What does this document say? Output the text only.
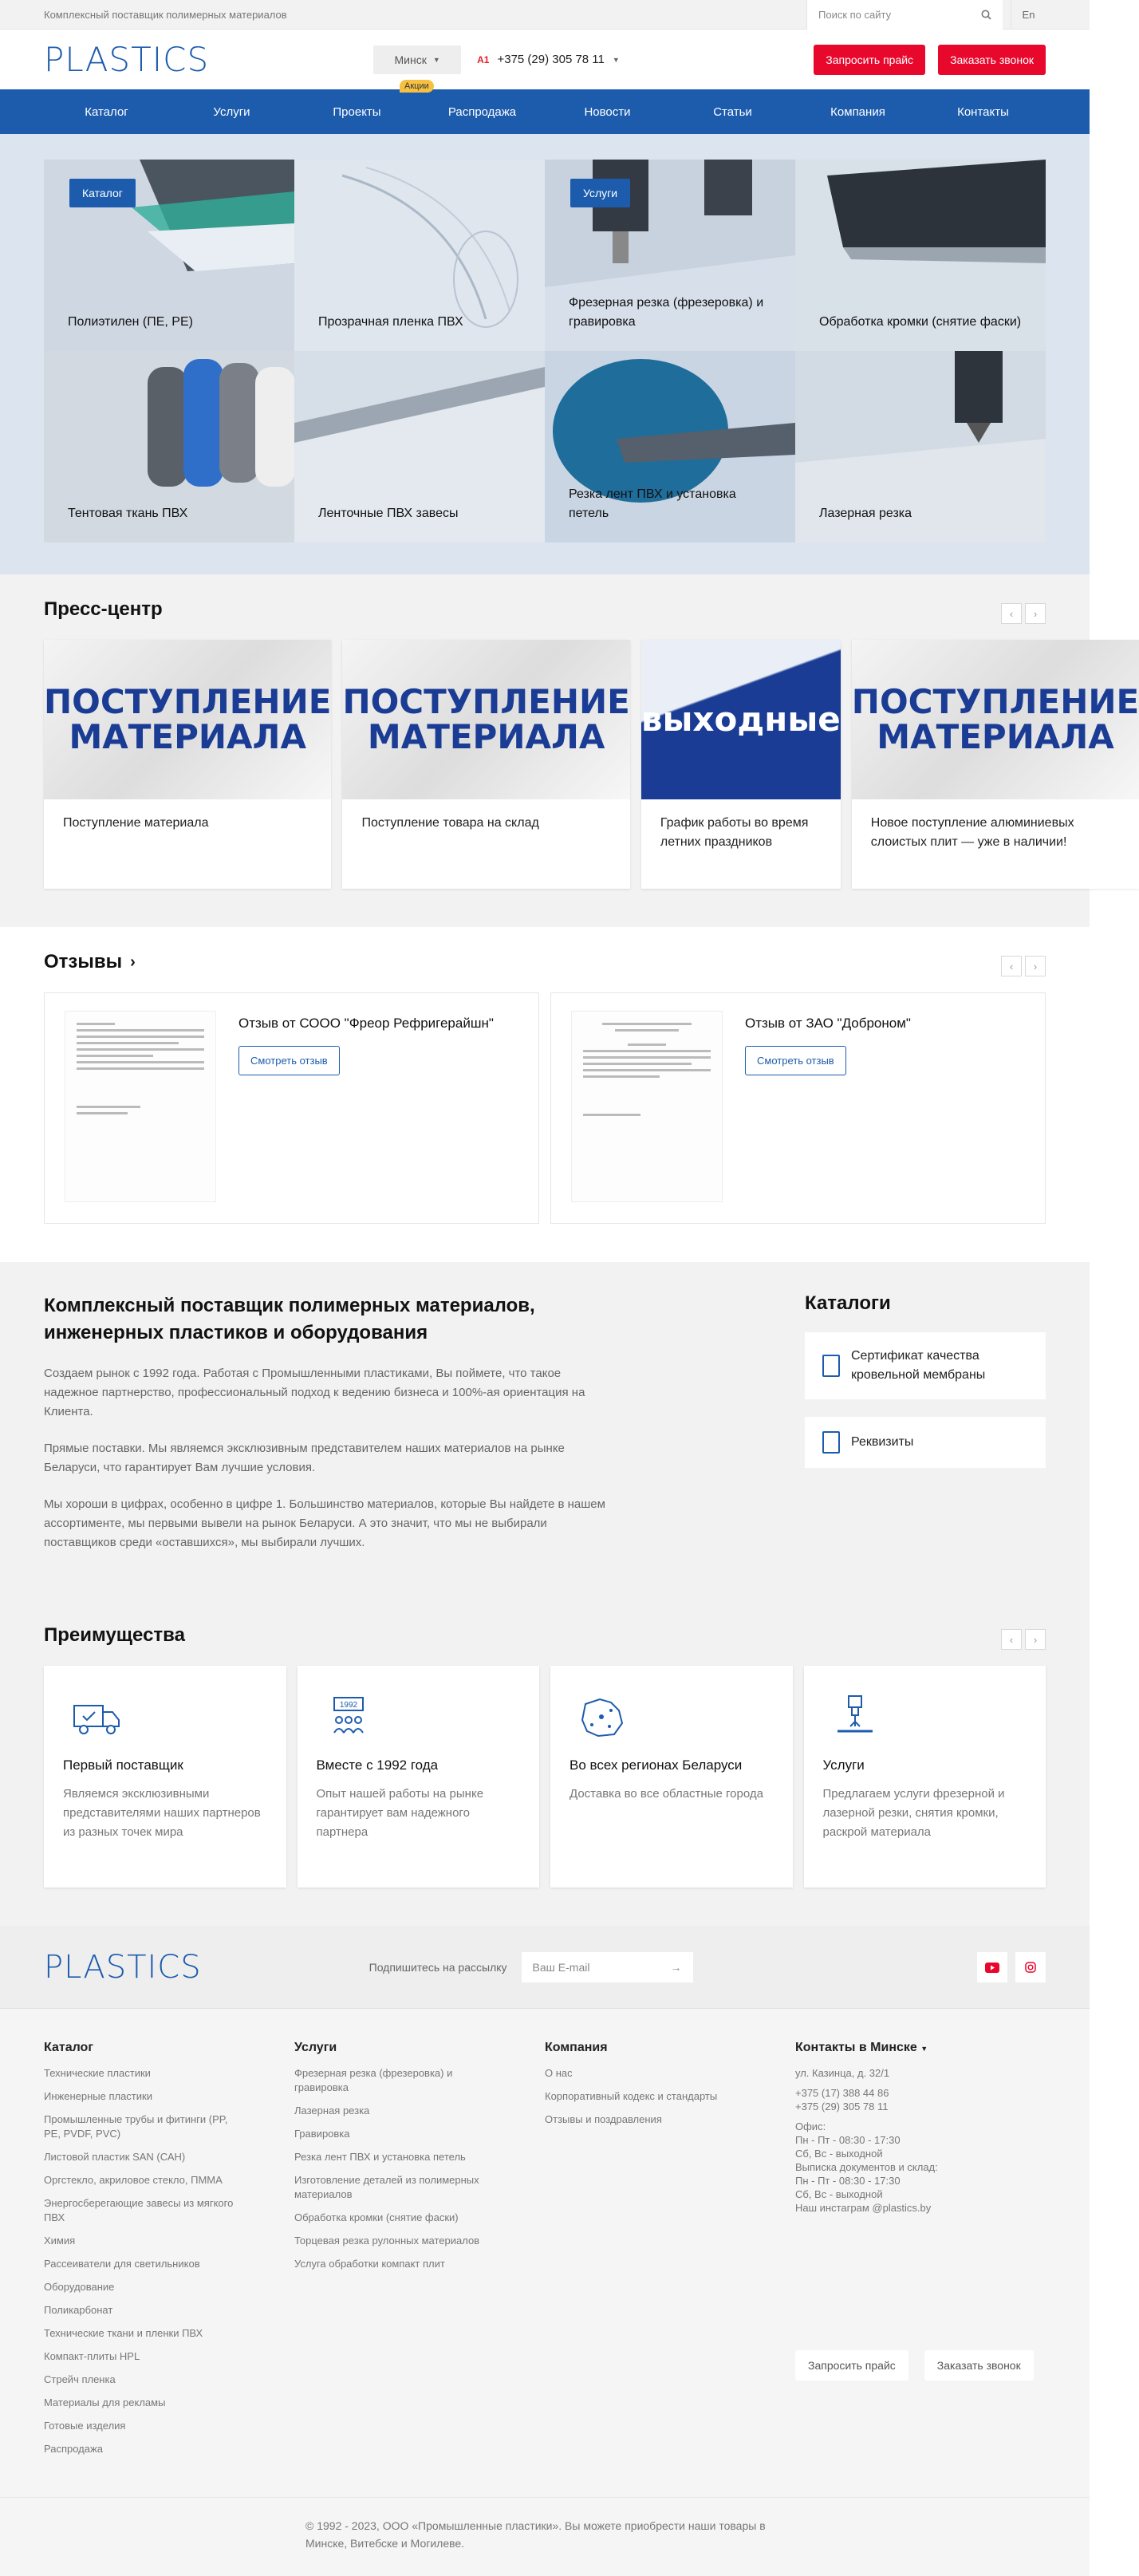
Комплексный поставщик полимерных материалов	Поиск по сайту	En
PLASTICS	Минск ▼	A1 +375 (29) 305 78 11 ▼	Запросить прайс	Заказать звонок
Каталог	Услуги	Проекты
Акции
Распродажа	Новости	Статьи	Компания	Контакты
Каталог
Полиэтилен (ПЕ, РЕ)	Прозрачная пленка ПВХ
Услуги
Фрезерная резка (фрезеровка) и гравировка	Обработка кромки (снятие фаски)
Тентовая ткань ПВХ	Ленточные ПВХ завесы
Резка лент ПВХ и установка петель	Лазерная резка
Пресс-центр	‹	›
ПОСТУПЛЕНИЕ МАТЕРИАЛА
Поступление материала
ПОСТУПЛЕНИЕ МАТЕРИАЛА
Поступление товара на склад
выходные
График работы во время летних праздников
ПОСТУПЛЕНИЕ МАТЕРИАЛА
Новое поступление алюминиевых слоистых плит — уже в наличии!
Отзывы ›	‹	›
Отзыв от СООО "Фреор Рефригерайшн"
Смотреть отзыв
Отзыв от ЗАО "Доброном"
Смотреть отзыв
Комплексный поставщик полимерных материалов, инженерных пластиков и оборудования

Создаем рынок с 1992 года. Работая с Промышленными пластиками, Вы поймете, что такое надежное партнерство, профессиональный подход к ведению бизнеса и 100%-ая ориентация на Клиента.

Прямые поставки. Мы являемся эксклюзивным представителем наших материалов на рынке Беларуси, что гарантирует Вам лучшие условия.

Мы хороши в цифрах, особенно в цифре 1. Большинство материалов, которые Вы найдете в нашем ассортименте, мы первыми вывели на рынок Беларуси. А это значит, что мы не выбирали поставщиков среди «оставшихся», мы выбирали лучших.

Каталоги
Сертификат качества кровельной мембраны
Реквизиты
Преимущества	‹	›
Первый поставщик

Являемся эксклюзивными представителями наших партнеров из разных точек мира

1992
Вместе с 1992 года

Опыт нашей работы на рынке гарантирует вам надежного партнера

Во всех регионах Беларуси

Доставка во все областные города

Услуги

Предлагаем услуги фрезерной и лазерной резки, снятия кромки, раскрой материала

PLASTICS	Подпишитесь на рассылку Ваш E-mail	→
Каталог
Технические пластики
Инженерные пластики
Промышленные трубы и фитинги (PP, PE, PVDF, PVC)
Листовой пластик SAN (САН)
Оргстекло, акриловое стекло, ПММА
Энергосберегающие завесы из мягкого ПВХ
Химия
Рассеиватели для светильников
Оборудование
Поликарбонат
Технические ткани и пленки ПВХ
Компакт-плиты HPL
Стрейч пленка
Материалы для рекламы
Готовые изделия
Распродажа
Услуги
Фрезерная резка (фрезеровка) и гравировка
Лазерная резка
Гравировка
Резка лент ПВХ и установка петель
Изготовление деталей из полимерных материалов
Обработка кромки (снятие фаски)
Торцевая резка рулонных материалов
Услуга обработки компакт плит
Компания
О нас
Корпоративный кодекс и стандарты
Отзывы и поздравления
Контакты в Минске ▼
ул. Казинца, д. 32/1
+375 (17) 388 44 86
+375 (29) 305 78 11
Офис:
Пн - Пт - 08:30 - 17:30
Сб, Вс - выходной
Выписка документов и склад:
Пн - Пт - 08:30 - 17:30
Сб, Вс - выходной
Наш инстаграм @plastics.by
Запросить прайс	Заказать звонок
© 1992 - 2023, ООО «Промышленные пластики». Вы можете приобрести наши товары в Минске, Витебске и Могилеве.
